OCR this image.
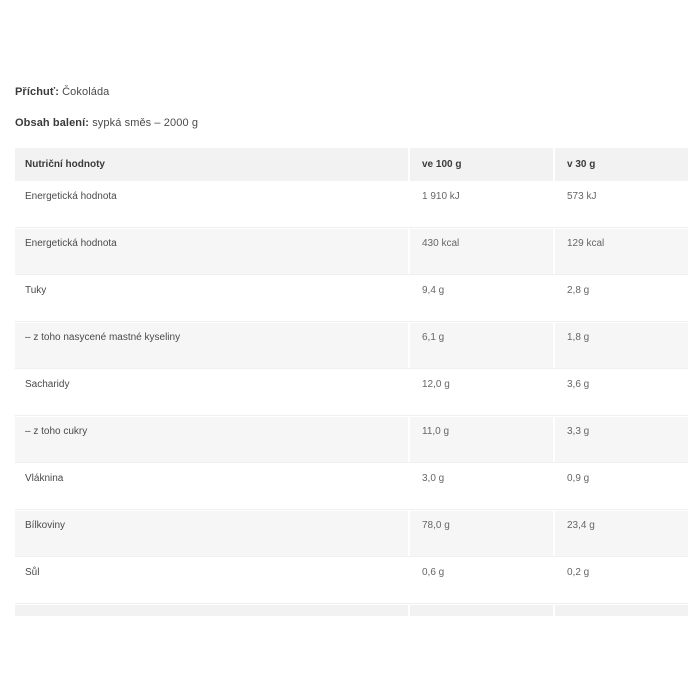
Příchuť: Čokoláda
Obsah balení: sypká směs – 2000 g
Nutriční hodnoty	ve 100 g	v 30 g
Energetická hodnota	1 910 kJ	573 kJ
Energetická hodnota	430 kcal	129 kcal
Tuky	9,4 g	2,8 g
– z toho nasycené mastné kyseliny	6,1 g	1,8 g
Sacharidy	12,0 g	3,6 g
– z toho cukry	11,0 g	3,3 g
Vláknina	3,0 g	0,9 g
Bílkoviny	78,0 g	23,4 g
Sůl	0,6 g	0,2 g
